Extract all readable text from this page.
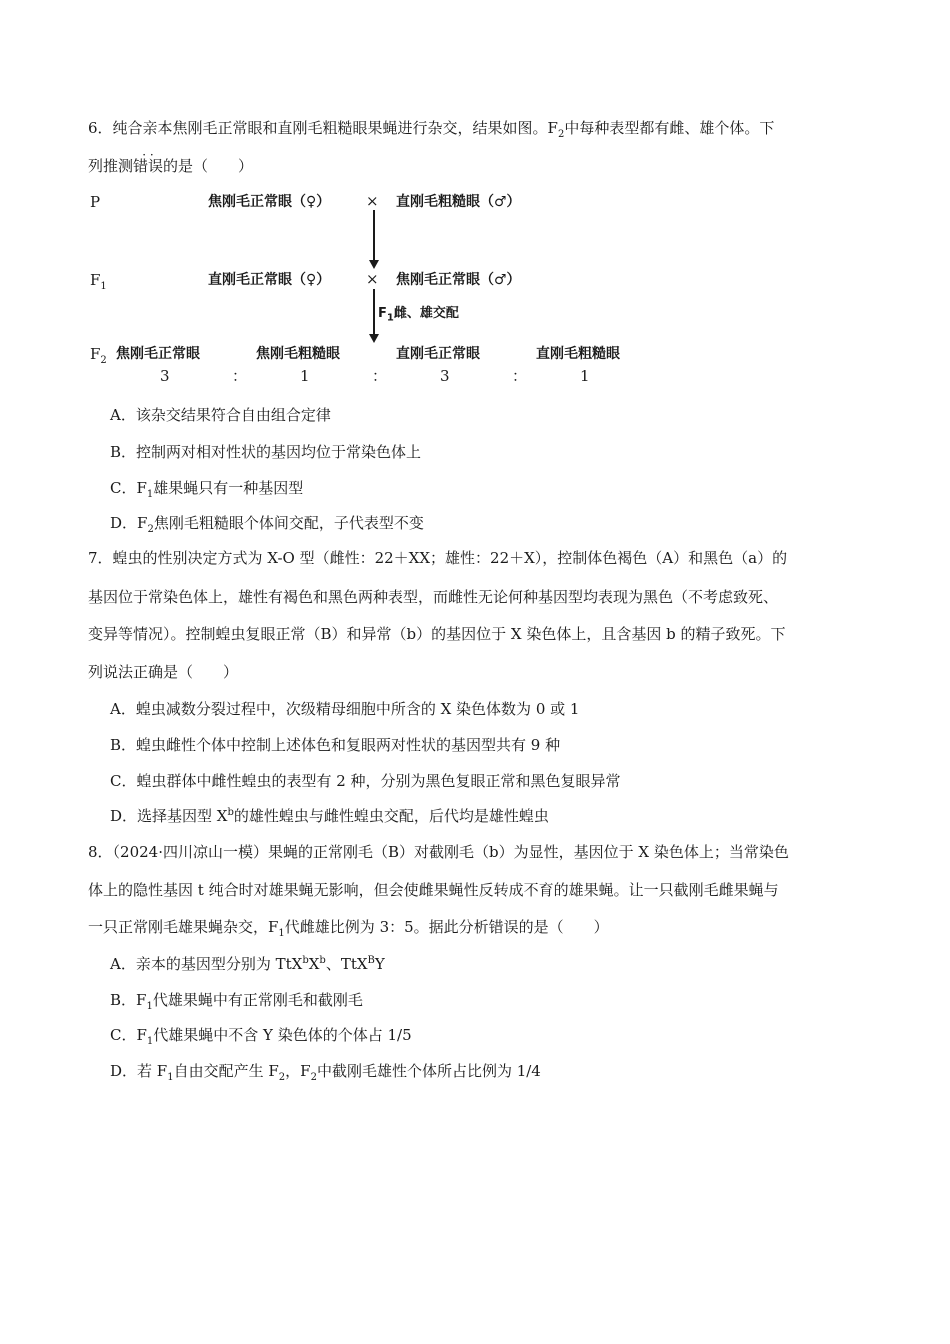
6．纯合亲本焦刚毛正常眼和直刚毛粗糙眼果蝇进行杂交，结果如图。$F_2$中每种表型都有雌、雄个体。下
列推测· · 错误的是（　　）
P	焦刚毛正常眼（♀） × 直刚毛粗糙眼（♂）
$F_1$	直刚毛正常眼（♀） × 焦刚毛正常眼（♂）
$F_1$雌、雄交配
$F_2$ 焦刚毛正常眼	焦刚毛粗糙眼	直刚毛正常眼	直刚毛粗糙眼
3	：	1	：	3	：	1
A．该杂交结果符合自由组合定律
B．控制两对相对性状的基因均位于常染色体上
C．$F_1$雄果蝇只有一种基因型
D．$F_2$焦刚毛粗糙眼个体间交配，子代表型不变
7．蝗虫的性别决定方式为 X-O 型（雌性：22＋XX；雄性：22＋X），控制体色褐色（A）和黑色（a）的
基因位于常染色体上，雄性有褐色和黑色两种表型，而雌性无论何种基因型均表现为黑色（不考虑致死、
变异等情况）。控制蝗虫复眼正常（B）和异常（b）的基因位于 X 染色体上，且含基因 b 的精子致死。下
列说法正确是（　　）
A．蝗虫减数分裂过程中，次级精母细胞中所含的 X 染色体数为 0 或 1
B．蝗虫雌性个体中控制上述体色和复眼两对性状的基因型共有 9 种
C．蝗虫群体中雌性蝗虫的表型有 2 种，分别为黑色复眼正常和黑色复眼异常
D．选择基因型 $X^b$的雄性蝗虫与雌性蝗虫交配，后代均是雄性蝗虫
8．（2024·四川凉山一模）果蝇的正常刚毛（B）对截刚毛（b）为显性，基因位于 X 染色体上；当常染色
体上的隐性基因 t 纯合时对雄果蝇无影响，但会使雌果蝇性反转成不育的雄果蝇。让一只截刚毛雌果蝇与
一只正常刚毛雄果蝇杂交，$F_1$代雌雄比例为 3：5。据此分析错误的是（　　）
A．亲本的基因型分别为 $TtX^bX^b$、TtX$^B$Y
B．$F_1$代雄果蝇中有正常刚毛和截刚毛
C．$F_1$代雄果蝇中不含 Y 染色体的个体占 1/5
D．若 $F_1$自由交配产生 $F_2$，$F_2$中截刚毛雄性个体所占比例为 1/4
